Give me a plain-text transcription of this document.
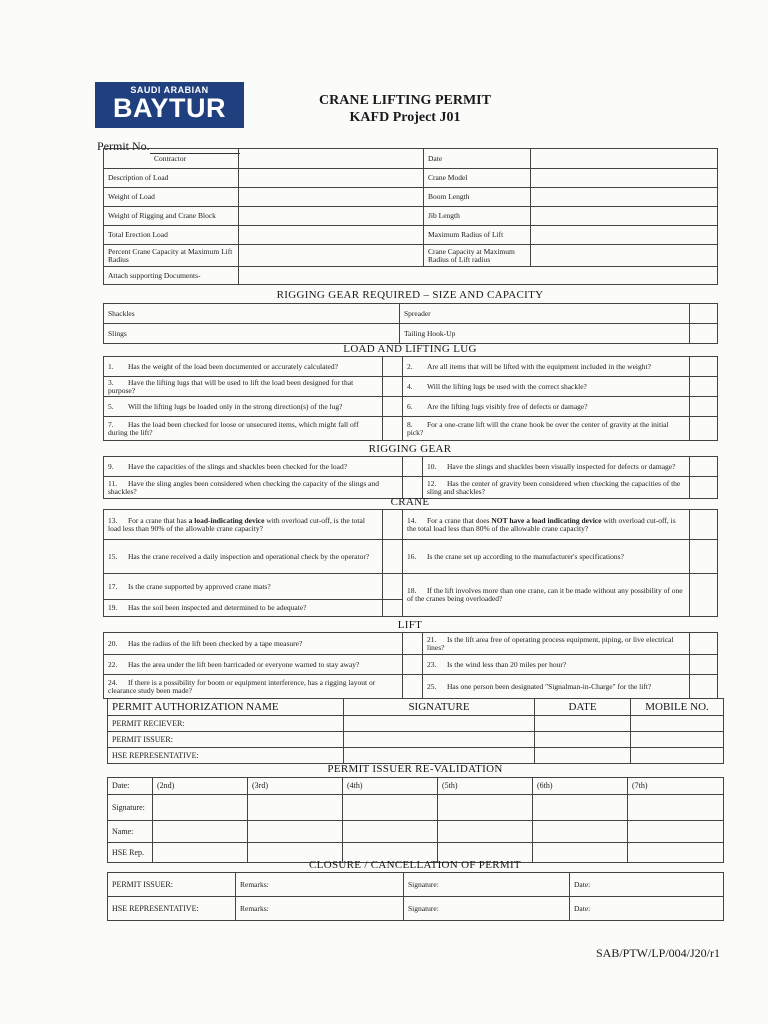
SAUDI ARABIAN
BAYTUR	CRANE LIFTING PERMIT
KAFD Project J01
Permit No.
Contractor		Date	
Description of Load		Crane Model	
Weight of Load		Boom Length	
Weight of Rigging and Crane Block		Jib Length	
Total Erection Load		Maximum Radius of Lift	
Percent Crane Capacity at Maximum Lift Radius		Crane Capacity at Maximum Radius of Lift radius	
Attach supporting Documents-			
RIGGING GEAR REQUIRED – SIZE AND CAPACITY
Shackles	Spreader	
Slings	Tailing Hook-Up	
LOAD AND LIFTING LUG
1. Has the weight of the load been documented or accurately calculated?		2. Are all items that will be lifted with the equipment included in the weight?	
3. Have the lifting lugs that will be used to lift the load been designed for that purpose?		4. Will the lifting lugs be used with the correct shackle?	
5. Will the lifting lugs be loaded only in the strong direction(s) of the lug?		6. Are the lifting lugs visibly free of defects or damage?	
7. Has the load been checked for loose or unsecured items, which might fall off during the lift?		8. For a one-crane lift will the crane hook be over the center of gravity at the initial pick?	
RIGGING GEAR
9. Have the capacities of the slings and shackles been checked for the load?		10. Have the slings and shackles been visually inspected for defects or damage?	
11. Have the sling angles been considered when checking the capacity of the slings and shackles?		12. Has the center of gravity been considered when checking the capacities of the sling and shackles?	
CRANE
13. For a crane that has a load-indicating device with overload cut-off, is the total load less than 90% of the allowable crane capacity?		14. For a crane that does NOT have a load indicating device with overload cut-off, is the total load less than 80% of the allowable crane capacity?	
15. Has the crane received a daily inspection and operational check by the operator?		16. Is the crane set up according to the manufacturer's specifications?	
17. Is the crane supported by approved crane mats?		18. If the lift involves more than one crane, can it be made without any possibility of one of the cranes being overloaded?	
19. Has the soil been inspected and determined to be adequate?			
LIFT
20. Has the radius of the lift been checked by a tape measure?		21. Is the lift area free of operating process equipment, piping, or live electrical lines?	
22. Has the area under the lift been barricaded or everyone warned to stay away?		23. Is the wind less than 20 miles per hour?	
24. If there is a possibility for boom or equipment interference, has a rigging layout or clearance study been made?		25. Has one person been designated "Signalman-in-Charge" for the lift?	
PERMIT AUTHORIZATION NAME	SIGNATURE	DATE	MOBILE NO.
PERMIT RECIEVER:			
PERMIT ISSUER:			
HSE REPRESENTATIVE:			
PERMIT ISSUER RE-VALIDATION
Date:	(2nd)	(3rd)	(4th)	(5th)	(6th)	(7th)
Signature:						
Name:						
HSE Rep.						
CLOSURE / CANCELLATION OF PERMIT
PERMIT ISSUER:	Remarks:	Signature:	Date:
HSE REPRESENTATIVE:	Remarks:	Signature:	Date:
SAB/PTW/LP/004/J20/r1
